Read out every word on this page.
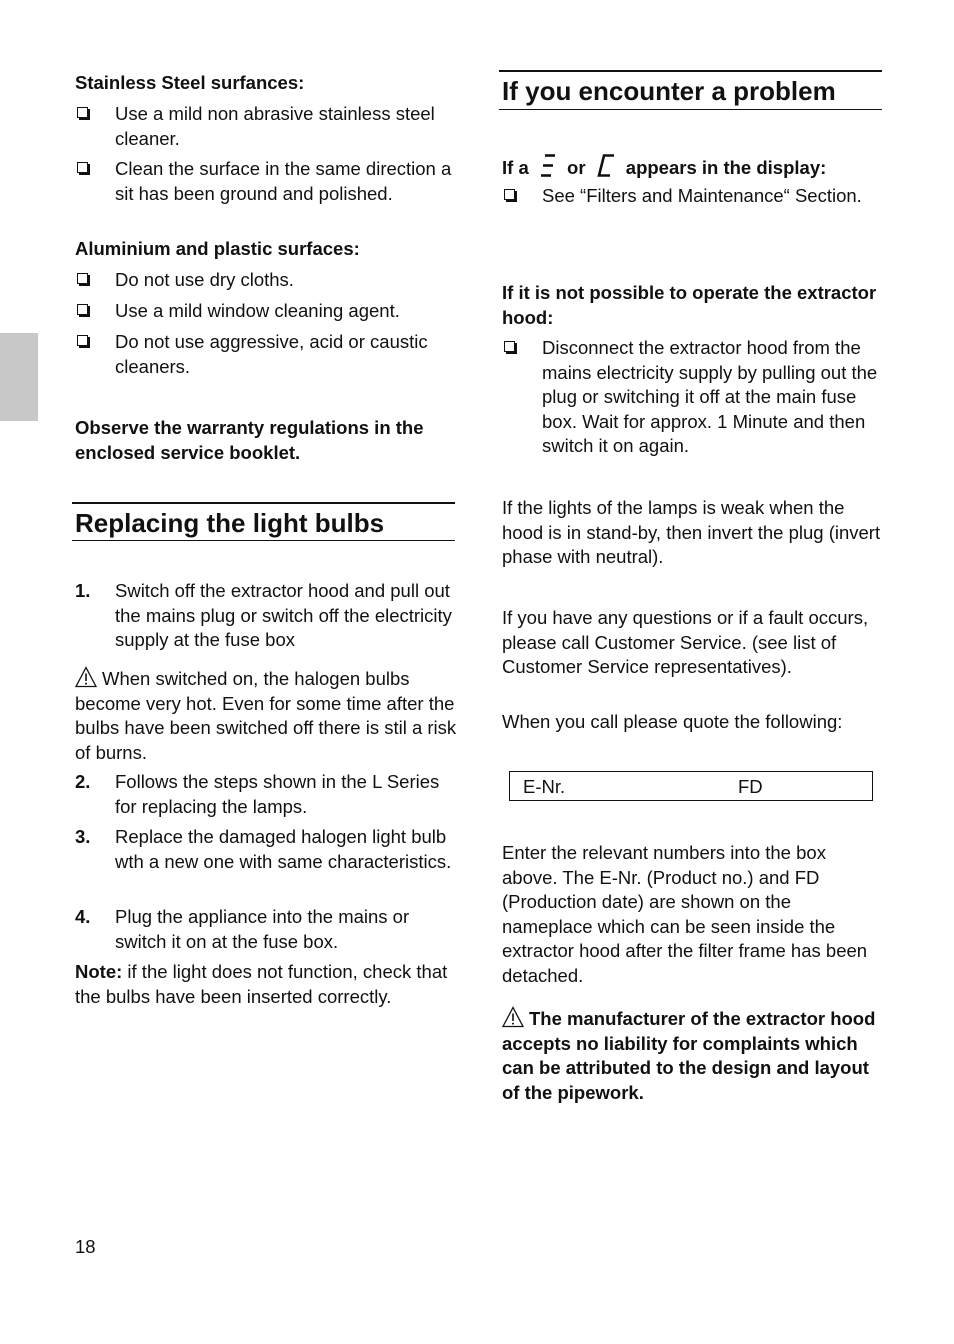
Stainless Steel surfances:
Use a mild non abrasive stainless steel cleaner.
Clean the surface in the same direction a sit has been ground and polished.
Aluminium and plastic surfaces:
Do not use dry cloths.
Use a mild window cleaning agent.
Do not use aggressive, acid or caustic cleaners.
Observe the warranty regulations in the enclosed service booklet.
Replacing the light bulbs
1. Switch off the extractor hood and pull out the mains plug or switch off the electricity supply at the fuse box
When switched on, the halogen bulbs become very hot. Even for some time after the bulbs have been switched off there is stil a risk of burns.
2. Follows the steps shown in the L Series for replacing the lamps.
3. Replace the damaged halogen light bulb wth a new one with same characteristics.
4. Plug the appliance into the mains or switch it on at the fuse box.
Note: if the light does not function, check that the bulbs have been inserted correctly.
If you encounter a problem
If a or appears in the display:
See “Filters and Maintenance“ Section.
If it is not possible to operate the extractor hood:
Disconnect the extractor hood from the mains electricity supply by pulling out the plug or switching it off at the main fuse box. Wait for approx. 1 Minute and then switch it on again.
If the lights of the lamps is weak when the hood is in stand-by, then invert the plug (invert phase with neutral).
If you have any questions or if a fault occurs, please call Customer Service. (see list of Customer Service representatives).
When you call please quote the following:
E-Nr.	FD
Enter the relevant numbers into the box above. The E-Nr. (Product no.) and FD (Production date) are shown on the nameplace which can be seen inside the extractor hood after the filter frame has been detached.
The manufacturer of the extractor hood accepts no liability for complaints which can be attributed to the design and layout of the pipework.
18
